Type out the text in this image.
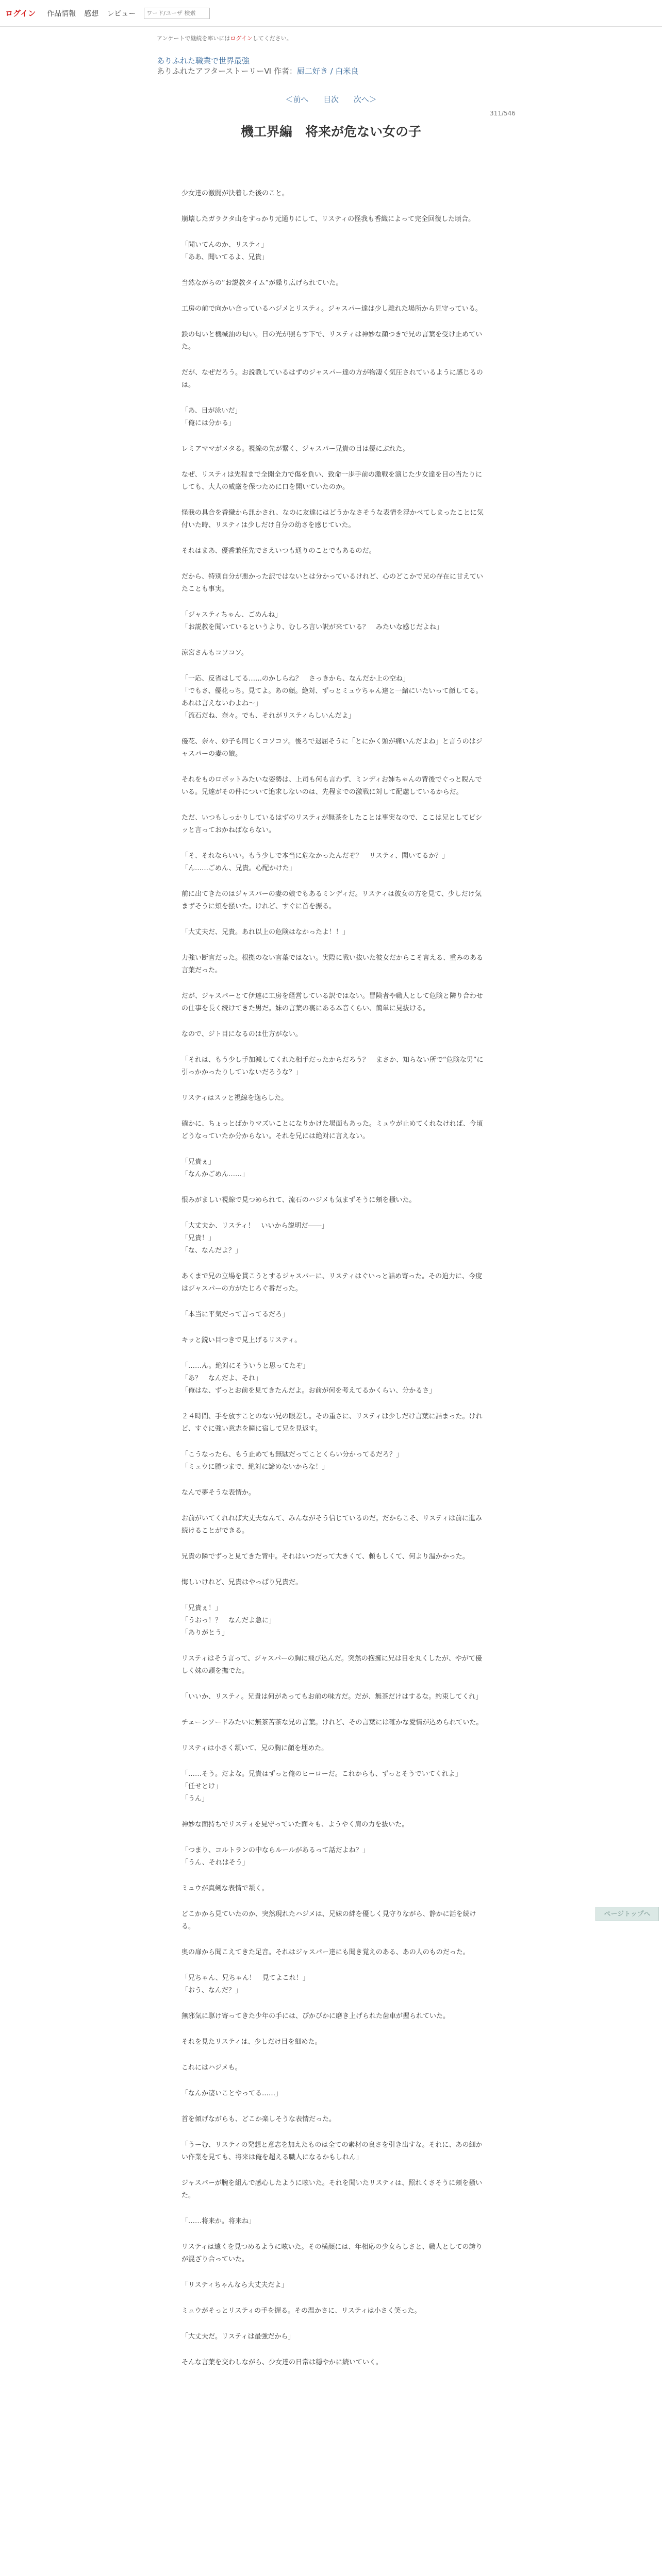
ログイン 作品情報 感想 レビュー
ワード/ユーザ 検索
アンケートで継続を率いにはログインしてください。
ありふれた職業で世界最強
ありふれたアフターストーリーⅥ 作者：厨二好き / 白米良
＜前へ 目次 次へ＞
311/546
機工界編　将来が危ない女の子

少女達の激闘が決着した後のこと。

崩壊したガラクタ山をすっかり元通りにして、リスティの怪我も香織によって完全回復した頃合。

「聞いてんのか、リスティ」
「ああ、聞いてるよ、兄貴」

当然ながらの“お説教タイム”が繰り広げられていた。

工房の前で向かい合っているハジメとリスティ。ジャスパー達は少し離れた場所から見守っている。

鉄の匂いと機械油の匂い。日の光が照らす下で、リスティは神妙な顔つきで兄の言葉を受け止めていた。

だが、なぜだろう。お説教しているはずのジャスパー達の方が物凄く気圧されているように感じるのは。

「あ、目が泳いだ」
「俺には分かる」

レミアママがメタる。視線の先が繋く、ジャスパー兄貴の目は優にぶれた。

なぜ、リスティは先程まで全開全力で傷を負い、致命一歩手前の激戦を演じた少女達を目の当たりにしても、大人の威厳を保つために口を開いていたのか。

怪我の具合を香織から訊かされ、なのに友達にはどうかなさそうな表情を浮かべてしまったことに気付いた時、リスティは少しだけ自分の幼さを感じていた。

それはまあ、優香兼任先でさえいつも通りのことでもあるのだ。

だから、特別自分が悪かった訳ではないとは分かっているけれど、心のどこかで兄の存在に甘えていたことも事実。

「ジャスティちゃん、ごめんね」
「お説教を聞いているというより、むしろ言い訳が来ている？　みたいな感じだよね」

涼宮さんもコソコソ。

「一応、反省はしてる……のかしらね？　さっきから、なんだか上の空ね」
「でもさ、優花っち。見てよ。あの顔。絶対、ずっとミュウちゃん達と一緒にいたいって顔してる。あれは言えないわよね～」
「流石だね、奈々。でも、それがリスティらしいんだよ」

優花、奈々、妙子も同じくコソコソ。後ろで退屈そうに「とにかく頭が痛いんだよね」と言うのはジャスパーの妻の娘。

それをものロボットみたいな姿勢は、上司も何も言わず、ミンディお姉ちゃんの背後でぐっと睨んでいる。兄達がその件について追求しないのは、先程までの激戦に対して配慮しているからだ。

ただ、いつもしっかりしているはずのリスティが無茶をしたことは事実なので、ここは兄としてビシッと言っておかねばならない。

「そ、それならいい。もう少しで本当に危なかったんだぞ？　リスティ、聞いてるか？」
「ん……ごめん、兄貴。心配かけた」

前に出てきたのはジャスパーの妻の娘でもあるミンディだ。リスティは彼女の方を見て、少しだけ気まずそうに頬を掻いた。けれど、すぐに首を振る。

「大丈夫だ、兄貴。あれ以上の危険はなかったよ！！」

力強い断言だった。根拠のない言葉ではない。実際に戦い抜いた彼女だからこそ言える、重みのある言葉だった。

だが、ジャスパーとて伊達に工房を経営している訳ではない。冒険者や職人として危険と隣り合わせの仕事を長く続けてきた男だ。妹の言葉の裏にある本音くらい、簡単に見抜ける。

なので、ジト目になるのは仕方がない。

「それは、もう少し手加減してくれた相手だったからだろう？　まさか、知らない所で“危険な男”に引っかかったりしていないだろうな？」

リスティはスッと視線を逸らした。

確かに、ちょっとばかりマズいことになりかけた場面もあった。ミュウが止めてくれなければ、今頃どうなっていたか分からない。それを兄には絶対に言えない。

「兄貴ぇ」
「なんかごめん……」

恨みがましい視線で見つめられて、流石のハジメも気まずそうに頬を掻いた。

「大丈夫か、リスティ！　いいから説明だ――」
「兄貴！」
「な、なんだよ？」

あくまで兄の立場を貫こうとするジャスパーに、リスティはぐいっと詰め寄った。その迫力に、今度はジャスパーの方がたじろぐ番だった。

「本当に平気だって言ってるだろ」

キッと鋭い目つきで見上げるリスティ。

「……ん。絶対にそういうと思ってたぞ」
「あ？　なんだよ、それ」
「俺はな、ずっとお前を見てきたんだよ。お前が何を考えてるかくらい、分かるさ」

２４時間、手を放すことのない兄の眼差し。その重さに、リスティは少しだけ言葉に詰まった。けれど、すぐに強い意志を瞳に宿して兄を見返す。

「こうなったら、もう止めても無駄だってことくらい分かってるだろ？」
「ミュウに勝つまで、絶対に諦めないからな！」

なんで夢そうな表情か。

お前がいてくれれば大丈夫なんて、みんながそう信じているのだ。だからこそ、リスティは前に進み続けることができる。

兄貴の隣でずっと見てきた背中。それはいつだって大きくて、頼もしくて、何より温かかった。

悔しいけれど、兄貴はやっぱり兄貴だ。

「兄貴ぇ！」
「うおっ！？　なんだよ急に」
「ありがとう」

リスティはそう言って、ジャスパーの胸に飛び込んだ。突然の抱擁に兄は目を丸くしたが、やがて優しく妹の頭を撫でた。

「いいか、リスティ。兄貴は何があってもお前の味方だ。だが、無茶だけはするな。約束してくれ」

チェーンソードみたいに無茶苦茶な兄の言葉。けれど、その言葉には確かな愛情が込められていた。

リスティは小さく頷いて、兄の胸に顔を埋めた。

「……そう。だよな。兄貴はずっと俺のヒーローだ。これからも、ずっとそうでいてくれよ」
「任せとけ」
「うん」

神妙な面持ちでリスティを見守っていた面々も、ようやく肩の力を抜いた。

「つまり、コルトランの中ならルールがあるって話だよね？」
「うん、それはそう」

ミュウが真剣な表情で頷く。

どこかから見ていたのか、突然現れたハジメは、兄妹の絆を優しく見守りながら、静かに話を続ける。

奥の扉から聞こえてきた足音。それはジャスパー達にも聞き覚えのある、あの人のものだった。

「兄ちゃん、兄ちゃん！　見てよこれ！」
「おう、なんだ？」

無邪気に駆け寄ってきた少年の手には、ぴかぴかに磨き上げられた歯車が握られていた。

それを見たリスティは、少しだけ目を細めた。

これにはハジメも。

「なんか凄いことやってる……」

首を傾げながらも、どこか楽しそうな表情だった。

「うーむ、リスティの発想と意志を加えたものは全ての素材の良さを引き出すな。それに、あの細かい作業を見ても、将来は俺を超える職人になるかもしれん」

ジャスパーが腕を組んで感心したように呟いた。それを聞いたリスティは、照れくさそうに頬を掻いた。

「……将来か。将来ね」

リスティは遠くを見つめるように呟いた。その横顔には、年相応の少女らしさと、職人としての誇りが混ざり合っていた。

「リスティちゃんなら大丈夫だよ」

ミュウがそっとリスティの手を握る。その温かさに、リスティは小さく笑った。

「大丈夫だ。リスティは最強だから」

そんな言葉を交わしながら、少女達の日常は穏やかに続いていく。

ページトップへ
